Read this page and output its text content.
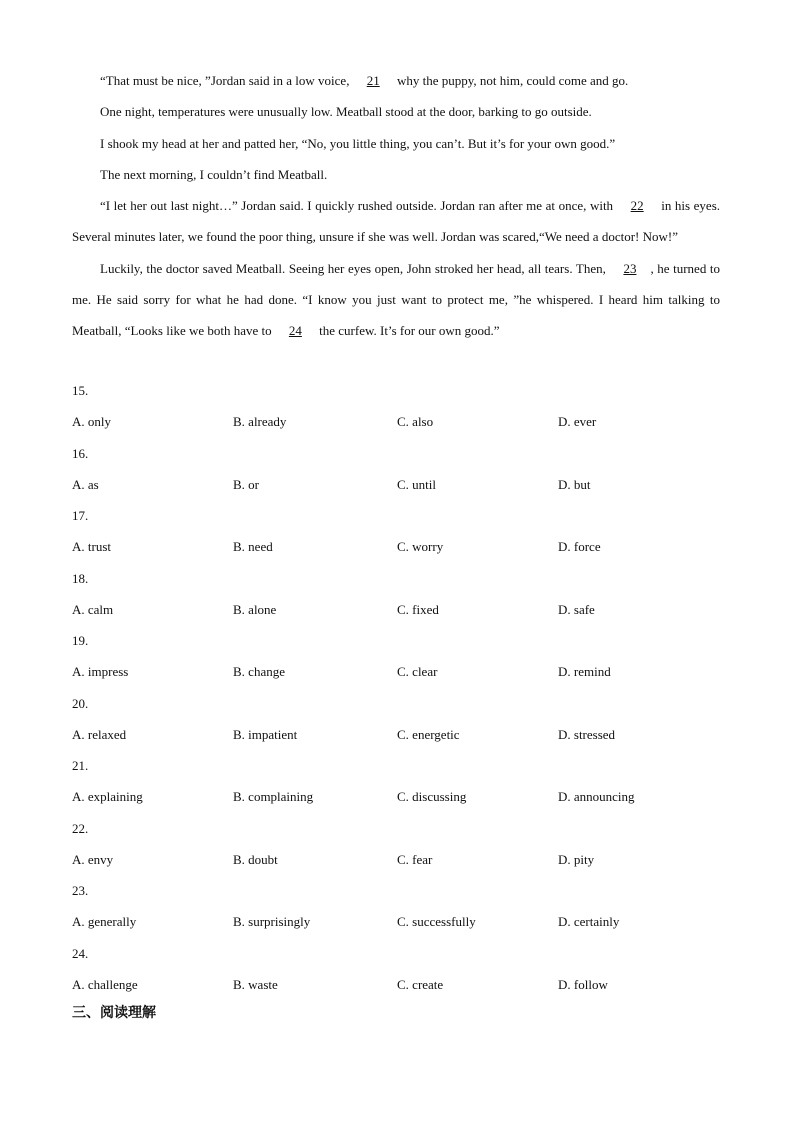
“That must be nice, ”Jordan said in a low voice, 21 why the puppy, not him, could come and go.

One night, temperatures were unusually low. Meatball stood at the door, barking to go outside.

I shook my head at her and patted her, “No, you little thing, you can’t. But it’s for your own good.”

The next morning, I couldn’t find Meatball.

“I let her out last night…” Jordan said. I quickly rushed outside. Jordan ran after me at once, with 22 in his eyes. Several minutes later, we found the poor thing, unsure if she was well. Jordan was scared,“We need a doctor! Now!”

Luckily, the doctor saved Meatball. Seeing her eyes open, John stroked her head, all tears. Then, 23 , he turned to me. He said sorry for what he had done. “I know you just want to protect me, ”he whispered. I heard him talking to Meatball, “Looks like we both have to 24 the curfew. It’s for our own good.”

15.
A. only	B. already	C. also	D. ever
16.
A. as	B. or	C. until	D. but
17.
A. trust	B. need	C. worry	D. force
18.
A. calm	B. alone	C. fixed	D. safe
19.
A. impress	B. change	C. clear	D. remind
20.
A. relaxed	B. impatient	C. energetic	D. stressed
21.
A. explaining	B. complaining	C. discussing	D. announcing
22.
A. envy	B. doubt	C. fear	D. pity
23.
A. generally	B. surprisingly	C. successfully	D. certainly
24.
A. challenge	B. waste	C. create	D. follow
三、阅读理解
